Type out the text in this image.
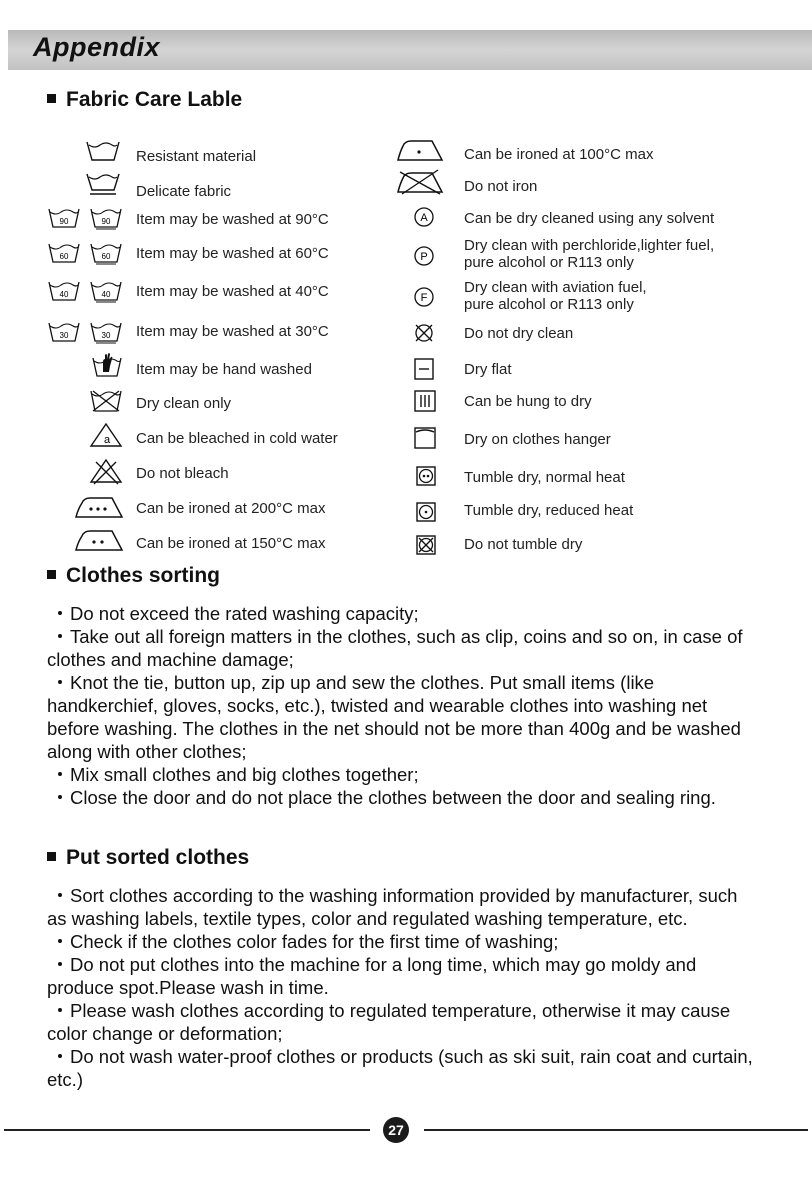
Appendix
Fabric Care Lable
Resistant material
Delicate fabric
90	90 Item may be washed at 90°C
60	60 Item may be washed at 60°C
40	40 Item may be washed at 40°C
30	30 Item may be washed at 30°C
Item may be hand washed
Dry clean only
a Can be bleached in cold water
Do not bleach
Can be ironed at 200°C max
Can be ironed at 150°C max
Can be ironed at 100°C max
Do not iron
A Can be dry cleaned using any solvent
P
Dry clean with perchloride,lighter fuel,
pure alcohol or R113 only
F
Dry clean with aviation fuel,
pure alcohol or R113 only
Do not dry clean
Dry flat
Can be hung to dry
Dry on clothes hanger
Tumble dry, normal heat
Tumble dry, reduced heat
Do not tumble dry
Clothes sorting
Do not exceed the rated washing capacity;
Take out all foreign matters in the clothes, such as clip, coins and so on, in case of clothes and machine damage;
Knot the tie, button up, zip up and sew the clothes. Put small items (like handkerchief, gloves, socks, etc.), twisted and wearable clothes into washing net before washing. The clothes in the net should not be more than 400g and be washed along with other clothes;
Mix small clothes and big clothes together;
Close the door and do not place the clothes between the door and sealing ring.
Put sorted clothes
Sort clothes according to the washing information provided by manufacturer, such as washing labels, textile types, color and regulated washing temperature, etc.
Check if the clothes color fades for the first time of washing;
Do not put clothes into the machine for a long time, which may go moldy and produce spot.Please wash in time.
Please wash clothes according to regulated temperature, otherwise it may cause color change or deformation;
Do not wash water-proof clothes or products (such as ski suit, rain coat and curtain, etc.)
27
